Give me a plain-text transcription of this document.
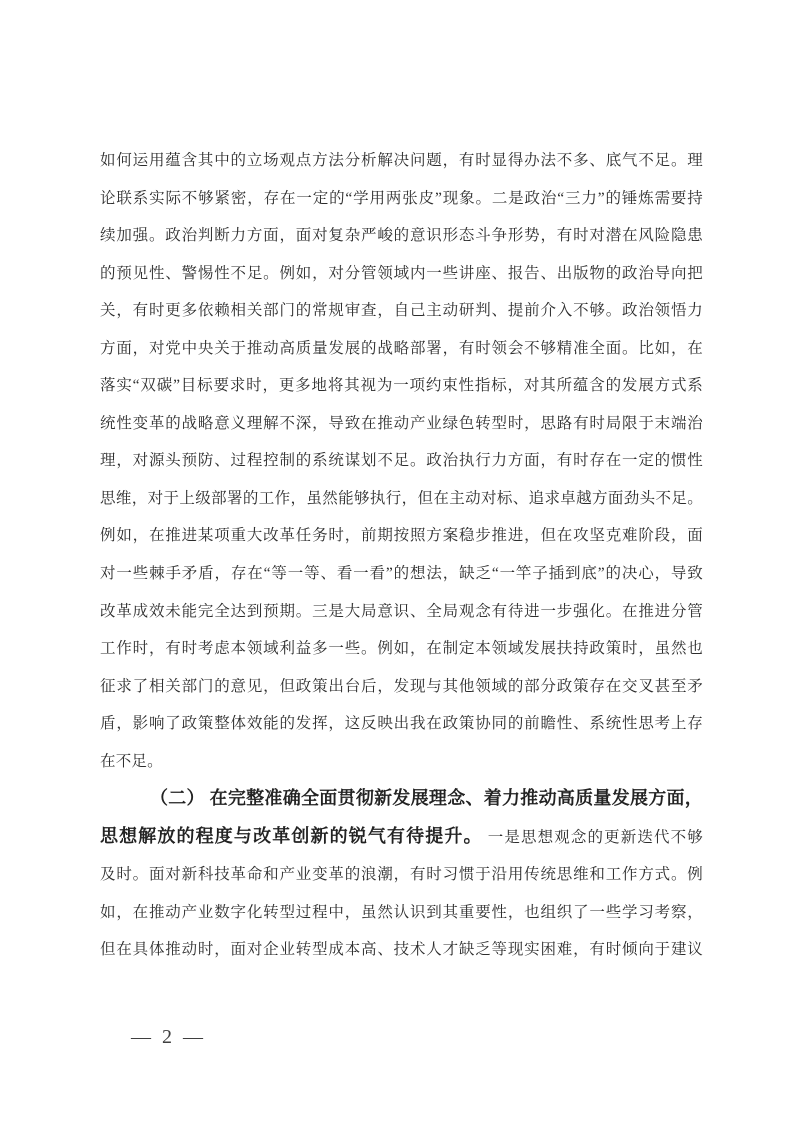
如何运用蕴含其中的立场观点方法分析解决问题，有时显得办法不多、底气不足。理
论联系实际不够紧密，存在一定的“学用两张皮”现象。二是政治“三力”的锤炼需要持
续加强。政治判断力方面，面对复杂严峻的意识形态斗争形势，有时对潜在风险隐患
的预见性、警惕性不足。例如，对分管领域内一些讲座、报告、出版物的政治导向把
关，有时更多依赖相关部门的常规审查，自己主动研判、提前介入不够。政治领悟力
方面，对党中央关于推动高质量发展的战略部署，有时领会不够精准全面。比如，在
落实“双碳”目标要求时，更多地将其视为一项约束性指标，对其所蕴含的发展方式系
统性变革的战略意义理解不深，导致在推动产业绿色转型时，思路有时局限于末端治
理，对源头预防、过程控制的系统谋划不足。政治执行力方面，有时存在一定的惯性
思维，对于上级部署的工作，虽然能够执行，但在主动对标、追求卓越方面劲头不足。
例如，在推进某项重大改革任务时，前期按照方案稳步推进，但在攻坚克难阶段，面
对一些棘手矛盾，存在“等一等、看一看”的想法，缺乏“一竿子插到底”的决心，导致
改革成效未能完全达到预期。三是大局意识、全局观念有待进一步强化。在推进分管
工作时，有时考虑本领域利益多一些。例如，在制定本领域发展扶持政策时，虽然也
征求了相关部门的意见，但政策出台后，发现与其他领域的部分政策存在交叉甚至矛
盾，影响了政策整体效能的发挥，这反映出我在政策协同的前瞻性、系统性思考上存
在不足。
（二） 在完整准确全面贯彻新发展理念、着力推动高质量发展方面，
思想解放的程度与改革创新的锐气有待提升。 一是思想观念的更新迭代不够
及时。面对新科技革命和产业变革的浪潮，有时习惯于沿用传统思维和工作方式。例
如，在推动产业数字化转型过程中，虽然认识到其重要性，也组织了一些学习考察，
但在具体推动时，面对企业转型成本高、技术人才缺乏等现实困难，有时倾向于建议
— 2 —
